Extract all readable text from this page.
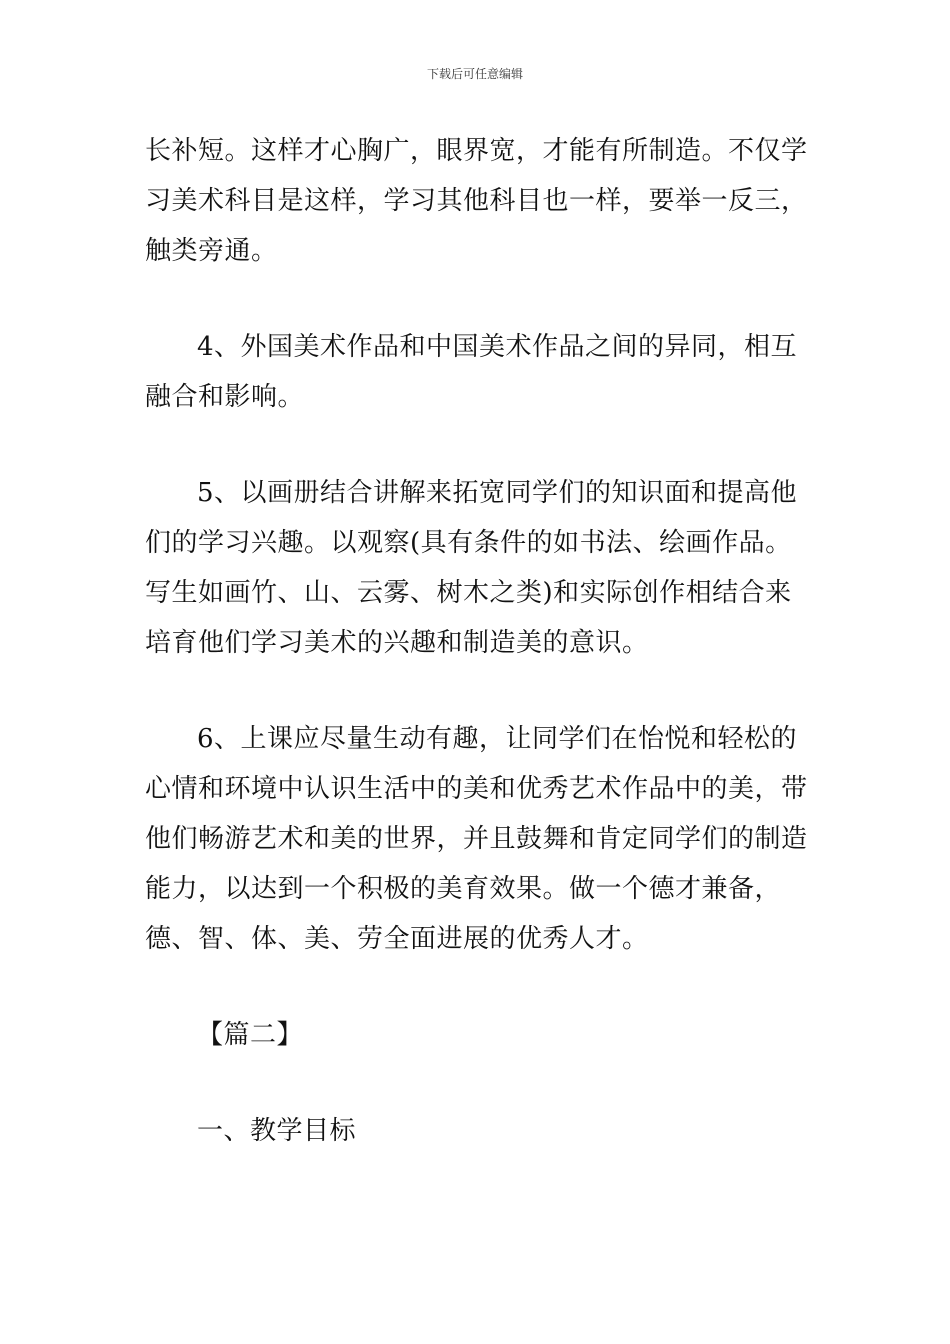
下载后可任意编辑

长补短。这样才心胸广，眼界宽，才能有所制造。不仅学习美术科目是这样，学习其他科目也一样，要举一反三，触类旁通。

4、外国美术作品和中国美术作品之间的异同，相互融合和影响。

5、以画册结合讲解来拓宽同学们的知识面和提高他们的学习兴趣。以观察(具有条件的如书法、绘画作品。写生如画竹、山、云雾、树木之类)和实际创作相结合来培育他们学习美术的兴趣和制造美的意识。

6、上课应尽量生动有趣，让同学们在怡悦和轻松的心情和环境中认识生活中的美和优秀艺术作品中的美，带他们畅游艺术和美的世界，并且鼓舞和肯定同学们的制造能力，以达到一个积极的美育效果。做一个德才兼备，德、智、体、美、劳全面进展的优秀人才。

【篇二】

一、教学目标
